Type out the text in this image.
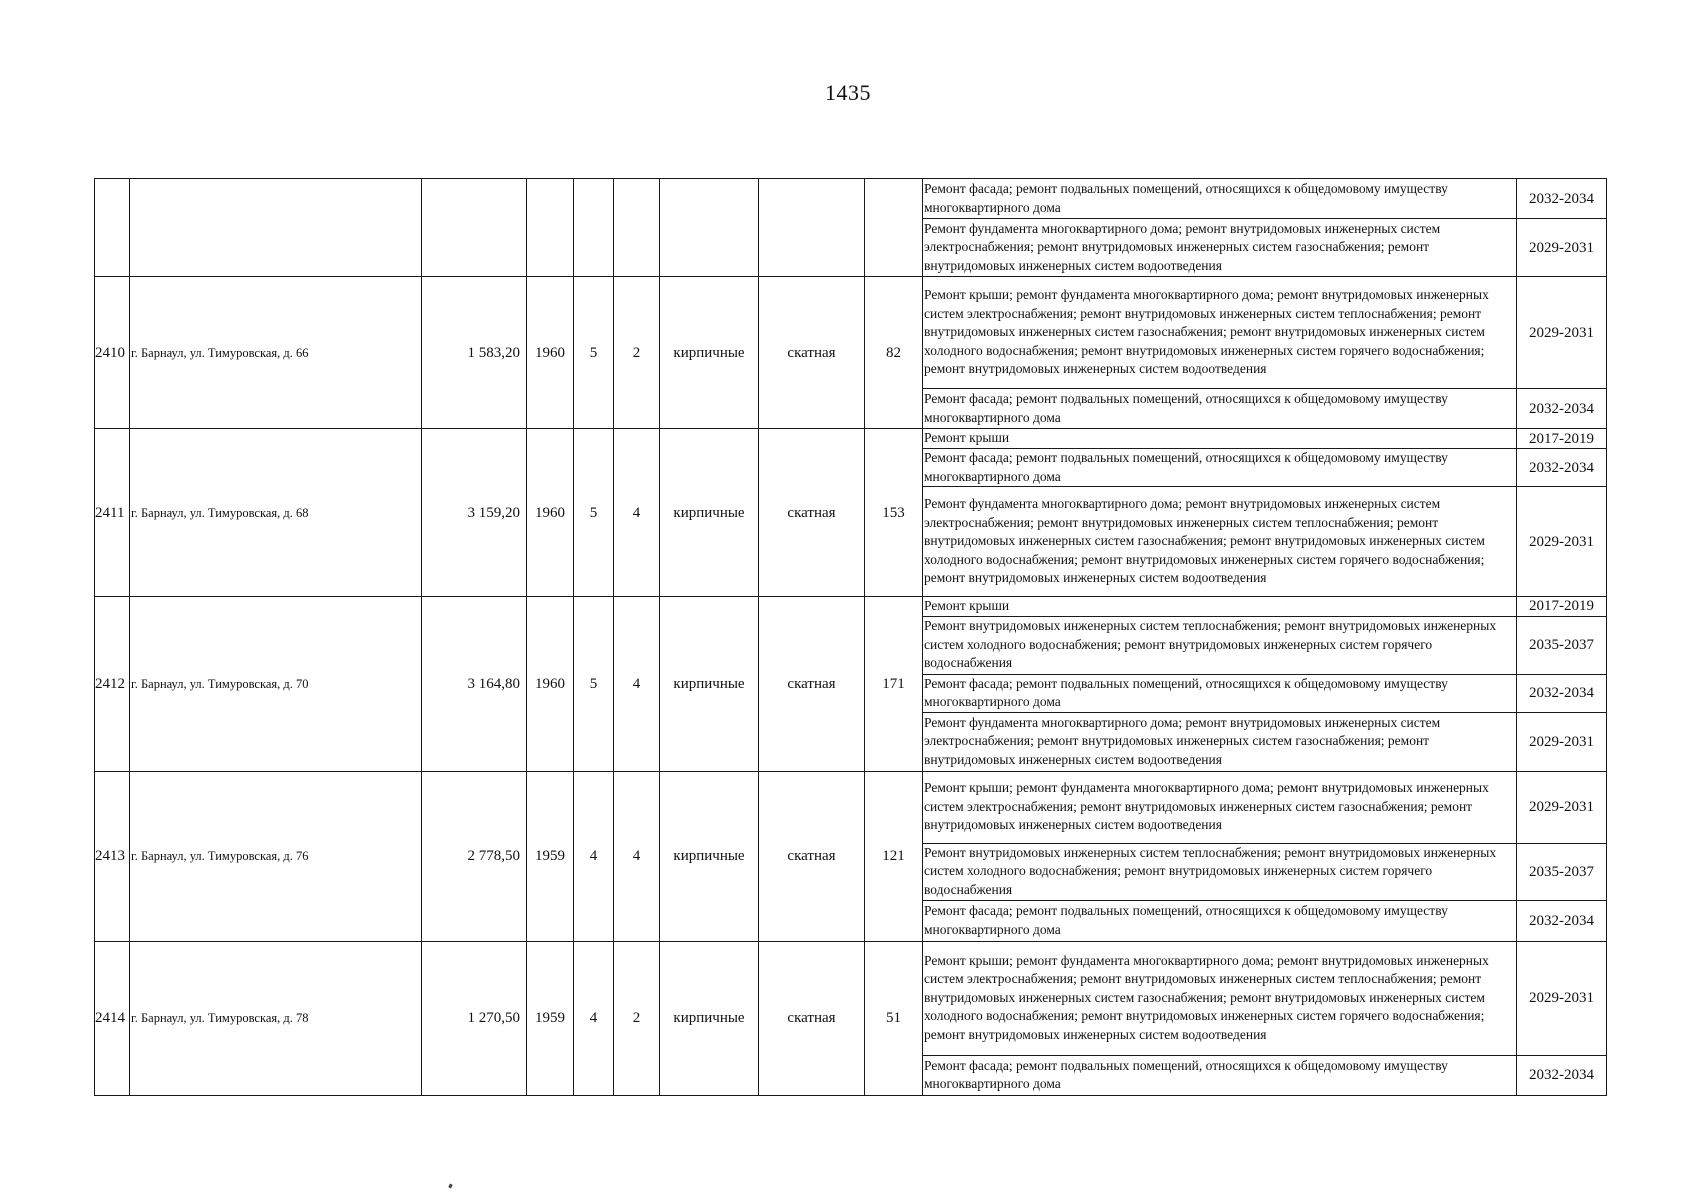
1435
									Ремонт фасада; ремонт подвальных помещений, относящихся к общедомовому имуществу многоквартирного дома	2032-2034
									Ремонт фундамента многоквартирного дома; ремонт внутридомовых инженерных систем электроснабжения; ремонт внутридомовых инженерных систем газоснабжения; ремонт внутридомовых инженерных систем водоотведения	2029-2031
2410	г. Барнаул, ул. Тимуровская, д. 66	1 583,20	1960	5	2	кирпичные	скатная	82	Ремонт крыши; ремонт фундамента многоквартирного дома; ремонт внутридомовых инженерных систем электроснабжения; ремонт внутридомовых инженерных систем теплоснабжения; ремонт внутридомовых инженерных систем газоснабжения; ремонт внутридомовых инженерных систем холодного водоснабжения; ремонт внутридомовых инженерных систем горячего водоснабжения; ремонт внутридомовых инженерных систем водоотведения	2029-2031
									Ремонт фасада; ремонт подвальных помещений, относящихся к общедомовому имуществу многоквартирного дома	2032-2034
2411	г. Барнаул, ул. Тимуровская, д. 68	3 159,20	1960	5	4	кирпичные	скатная	153	Ремонт крыши	2017-2019
									Ремонт фасада; ремонт подвальных помещений, относящихся к общедомовому имуществу многоквартирного дома	2032-2034
									Ремонт фундамента многоквартирного дома; ремонт внутридомовых инженерных систем электроснабжения; ремонт внутридомовых инженерных систем теплоснабжения; ремонт внутридомовых инженерных систем газоснабжения; ремонт внутридомовых инженерных систем холодного водоснабжения; ремонт внутридомовых инженерных систем горячего водоснабжения; ремонт внутридомовых инженерных систем водоотведения	2029-2031
2412	г. Барнаул, ул. Тимуровская, д. 70	3 164,80	1960	5	4	кирпичные	скатная	171	Ремонт крыши	2017-2019
									Ремонт внутридомовых инженерных систем теплоснабжения; ремонт внутридомовых инженерных систем холодного водоснабжения; ремонт внутридомовых инженерных систем горячего водоснабжения	2035-2037
									Ремонт фасада; ремонт подвальных помещений, относящихся к общедомовому имуществу многоквартирного дома	2032-2034
									Ремонт фундамента многоквартирного дома; ремонт внутридомовых инженерных систем электроснабжения; ремонт внутридомовых инженерных систем газоснабжения; ремонт внутридомовых инженерных систем водоотведения	2029-2031
2413	г. Барнаул, ул. Тимуровская, д. 76	2 778,50	1959	4	4	кирпичные	скатная	121	Ремонт крыши; ремонт фундамента многоквартирного дома; ремонт внутридомовых инженерных систем электроснабжения; ремонт внутридомовых инженерных систем газоснабжения; ремонт внутридомовых инженерных систем водоотведения	2029-2031
									Ремонт внутридомовых инженерных систем теплоснабжения; ремонт внутридомовых инженерных систем холодного водоснабжения; ремонт внутридомовых инженерных систем горячего водоснабжения	2035-2037
									Ремонт фасада; ремонт подвальных помещений, относящихся к общедомовому имуществу многоквартирного дома	2032-2034
2414	г. Барнаул, ул. Тимуровская, д. 78	1 270,50	1959	4	2	кирпичные	скатная	51	Ремонт крыши; ремонт фундамента многоквартирного дома; ремонт внутридомовых инженерных систем электроснабжения; ремонт внутридомовых инженерных систем теплоснабжения; ремонт внутридомовых инженерных систем газоснабжения; ремонт внутридомовых инженерных систем холодного водоснабжения; ремонт внутридомовых инженерных систем горячего водоснабжения; ремонт внутридомовых инженерных систем водоотведения	2029-2031
									Ремонт фасада; ремонт подвальных помещений, относящихся к общедомовому имуществу многоквартирного дома	2032-2034
